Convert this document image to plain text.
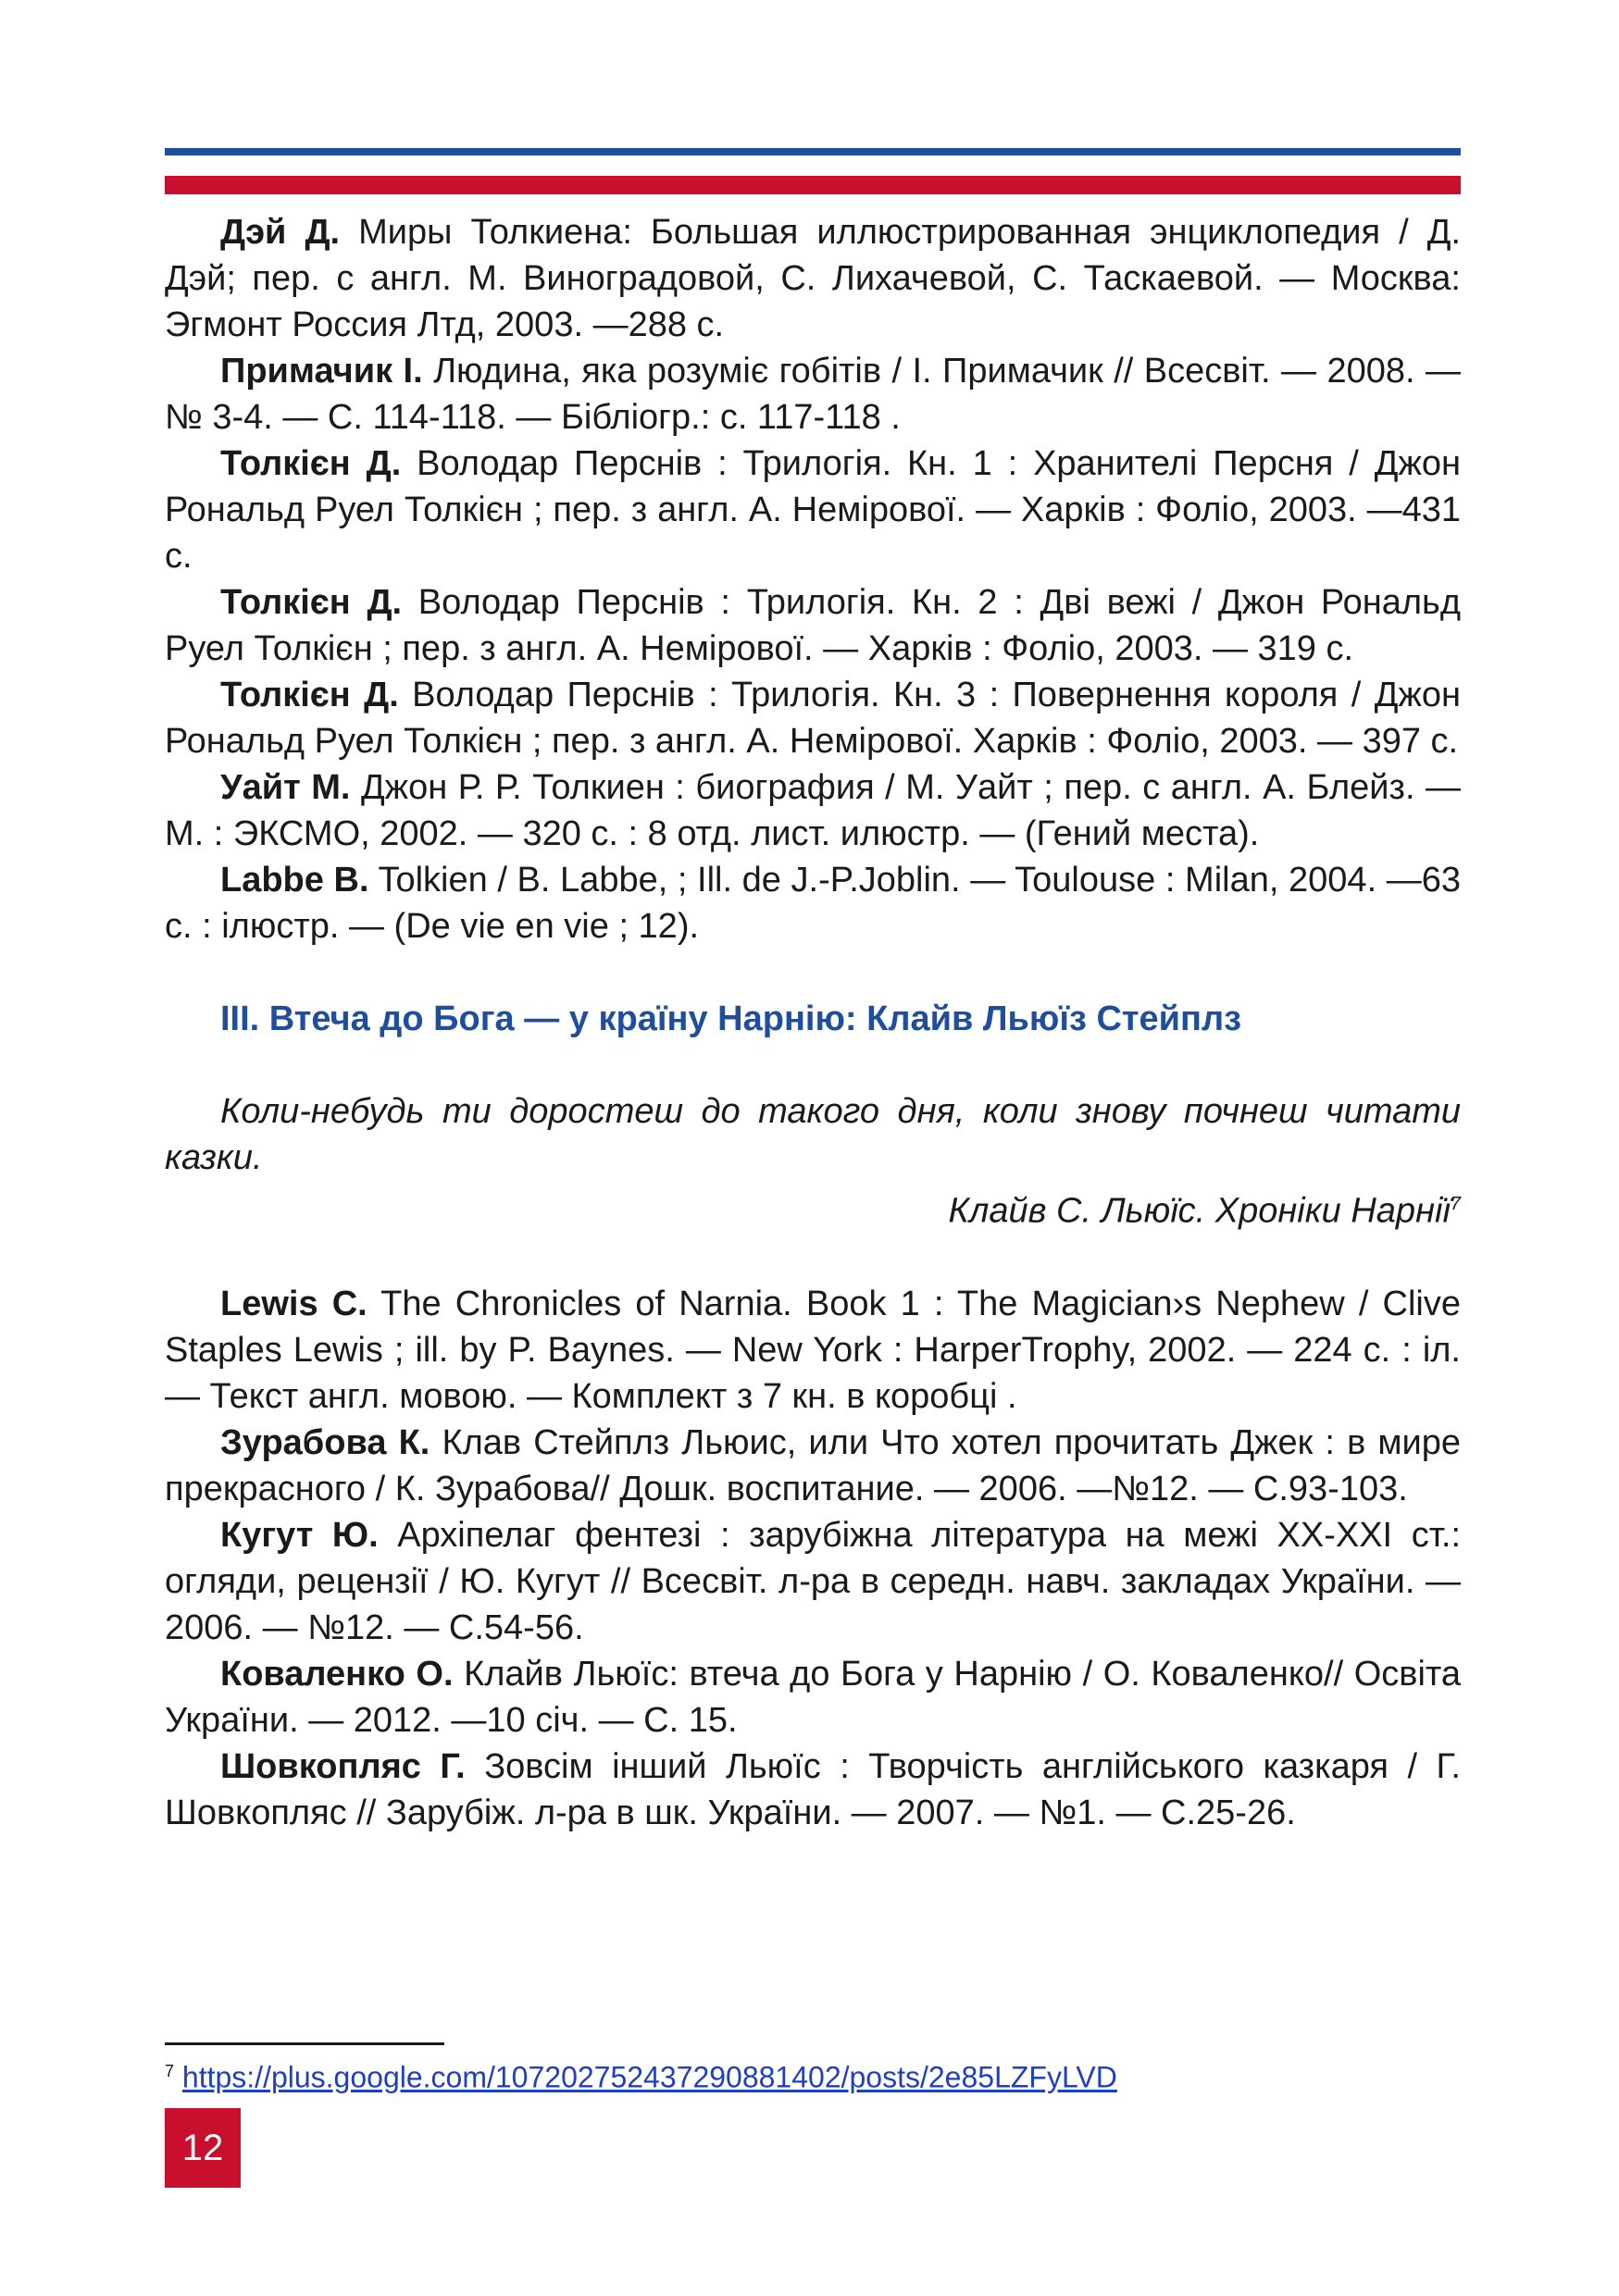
Дэй Д. Миры Толкиена: Большая иллюстрированная энциклопедия / Д. Дэй; пер. с англ. М. Виноградовой, С. Лихачевой, С. Таскаевой. — Москва: Эгмонт Россия Лтд, 2003. —288 с.

Примачик І. Людина, яка розуміє гобітів / І. Примачик // Всесвіт. — 2008. — № 3-4. — С. 114-118. — Бібліогр.: с. 117-118 .

Толкієн Д. Володар Перснів : Трилогія. Кн. 1 : Хранителі Персня / Джон Рональд Руел Толкієн ; пер. з англ. А. Немірової. — Харків : Фоліо, 2003. —431 с.

Толкієн Д. Володар Перснів : Трилогія. Кн. 2 : Дві вежі / Джон Рональд Руел Толкієн ; пер. з англ. А. Немірової. — Харків : Фоліо, 2003. — 319 с.

Толкієн Д. Володар Перснів : Трилогія. Кн. 3 : Повернення короля / Джон Рональд Руел Толкієн ; пер. з англ. А. Немірової. Харків : Фоліо, 2003. — 397 с.

Уайт М. Джон Р. Р. Толкиен : биография / М. Уайт ; пер. с англ. А. Блейз. — М. : ЭКСМО, 2002. — 320 с. : 8 отд. лист. илюстр. — (Гений места).

Labbe B. Tolkien / B. Labbe, ; Ill. de J.-P.Joblin. — Toulouse : Milan, 2004. —63 с. : ілюстр. — (De vie en vie ; 12).

III. Втеча до Бога — у країну Нарнію: Клайв Льюїз Стейплз

Коли-небудь ти доростеш до такого дня, коли знову почнеш читати казки.

Клайв С. Льюїс. Хроніки Нарнії$^7$

Lewis C. The Chronicles of Narnia. Book 1 : The Magician›s Nephew / Clive Staples Lewis ; ill. by P. Baynes. — New York : HarperTrophy, 2002. — 224 с. : іл. — Текст англ. мовою. — Комплект з 7 кн. в коробці .

Зурабова К. Клав Стейплз Льюис, или Что хотел прочитать Джек : в мире прекрасного / К. Зурабова// Дошк. воспитание. — 2006. —№12. — С.93-103.

Кугут Ю. Архіпелаг фентезі : зарубіжна література на межі XX-XXI ст.: огляди, рецензії / Ю. Кугут // Всесвіт. л-ра в середн. навч. закладах України. — 2006. — №12. — С.54-56.

Коваленко О. Клайв Льюїс: втеча до Бога у Нарнію / О. Коваленко// Освіта України. — 2012. —10 січ. — С. 15.

Шовкопляс Г. Зовсім інший Льюїс : Творчість англійського казкаря / Г. Шовкопляс // Зарубіж. л-ра в шк. України. — 2007. — №1. — С.25-26.

$^7$ https://plus.google.com/107202752437290881402/posts/2e85LZFyLVD
12
